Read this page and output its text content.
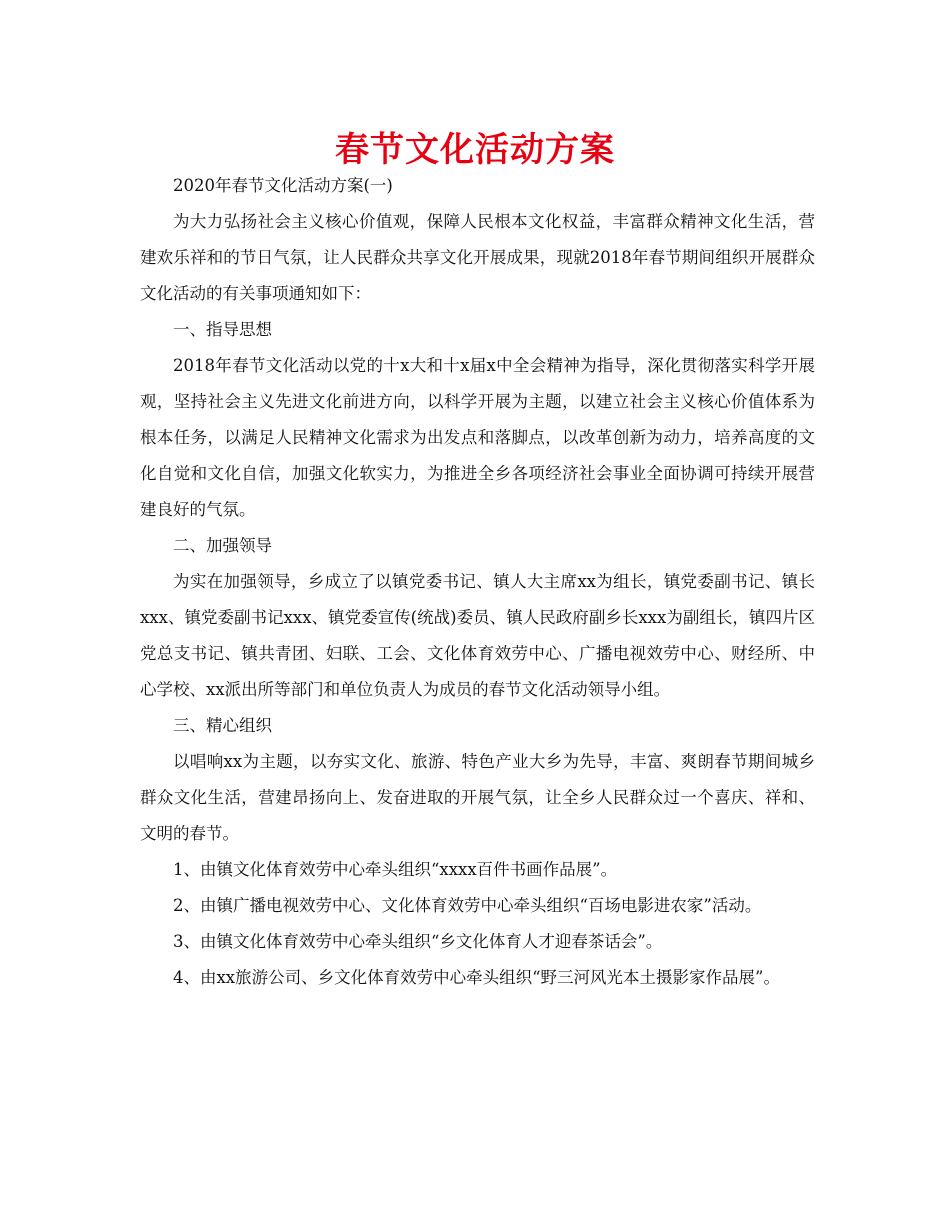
春节文化活动方案

2020年春节文化活动方案(一)

为大力弘扬社会主义核心价值观，保障人民根本文化权益，丰富群众精神文化生活，营建欢乐祥和的节日气氛，让人民群众共享文化开展成果，现就2018年春节期间组织开展群众文化活动的有关事项通知如下：

一、指导思想

2018年春节文化活动以党的十x大和十x届x中全会精神为指导，深化贯彻落实科学开展观，坚持社会主义先进文化前进方向，以科学开展为主题，以建立社会主义核心价值体系为根本任务，以满足人民精神文化需求为出发点和落脚点，以改革创新为动力，培养高度的文化自觉和文化自信，加强文化软实力，为推进全乡各项经济社会事业全面协调可持续开展营建良好的气氛。

二、加强领导

为实在加强领导，乡成立了以镇党委书记、镇人大主席xx为组长，镇党委副书记、镇长xxx、镇党委副书记xxx、镇党委宣传(统战)委员、镇人民政府副乡长xxx为副组长，镇四片区党总支书记、镇共青团、妇联、工会、文化体育效劳中心、广播电视效劳中心、财经所、中心学校、xx派出所等部门和单位负责人为成员的春节文化活动领导小组。

三、精心组织

以唱响xx为主题，以夯实文化、旅游、特色产业大乡为先导，丰富、爽朗春节期间城乡群众文化生活，营建昂扬向上、发奋进取的开展气氛，让全乡人民群众过一个喜庆、祥和、文明的春节。

1、由镇文化体育效劳中心牵头组织“xxxx百件书画作品展”。

2、由镇广播电视效劳中心、文化体育效劳中心牵头组织“百场电影进农家”活动。

3、由镇文化体育效劳中心牵头组织“乡文化体育人才迎春茶话会”。

4、由xx旅游公司、乡文化体育效劳中心牵头组织“野三河风光本土摄影家作品展”。
